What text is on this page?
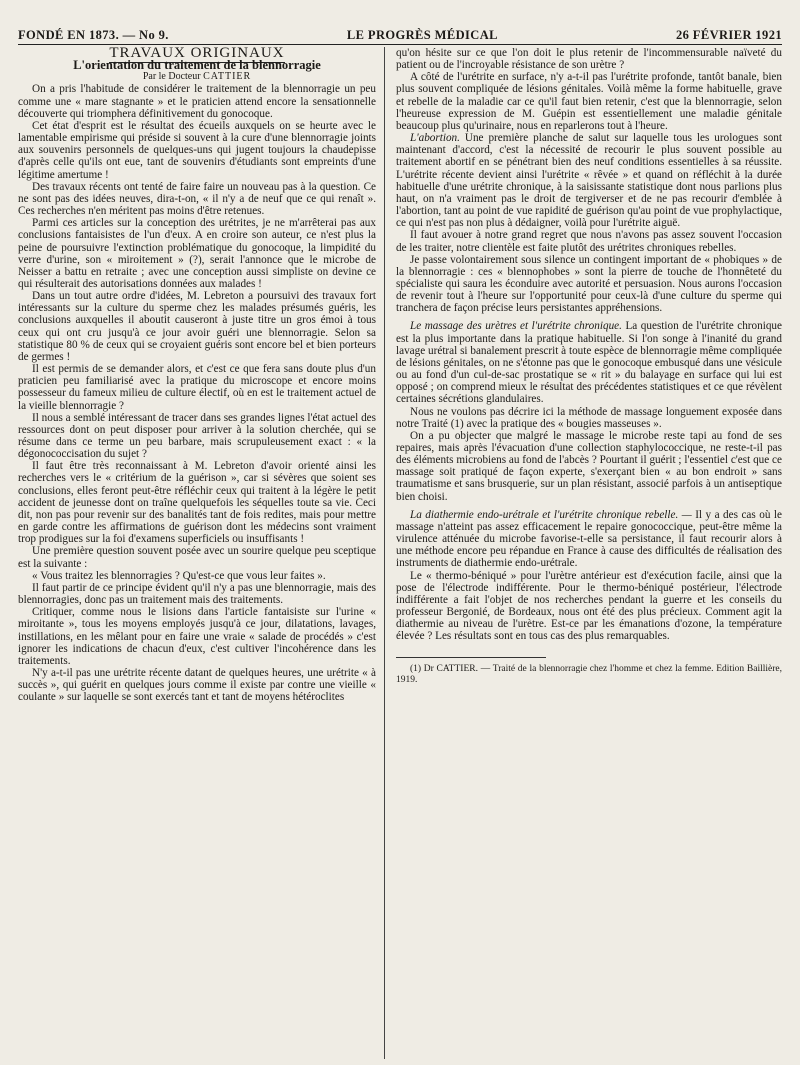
FONDÉ EN 1873. — No 9.	LE PROGRÈS MÉDICAL	26 FÉVRIER 1921

TRAVAUX ORIGINAUX

L'orientation du traitement de la blennorragie

Par le Docteur CATTIER

On a pris l'habitude de considérer le traitement de la blennorragie un peu comme une « mare stagnante » et le praticien attend encore la sensationnelle découverte qui triomphera définitivement du gonocoque.

Cet état d'esprit est le résultat des écueils auxquels on se heurte avec le lamentable empirisme qui préside si souvent à la cure d'une blennorragie joints aux souvenirs personnels de quelques-uns qui jugent toujours la chaudepisse d'après celle qu'ils ont eue, tant de souvenirs d'étudiants sont empreints d'une légitime amertume !

Des travaux récents ont tenté de faire faire un nouveau pas à la question. Ce ne sont pas des idées neuves, dira-t-on, « il n'y a de neuf que ce qui renaît ». Ces recherches n'en méritent pas moins d'être retenues.

Parmi ces articles sur la conception des urétrites, je ne m'arrêterai pas aux conclusions fantaisistes de l'un d'eux. A en croire son auteur, ce n'est plus la peine de poursuivre l'extinction problématique du gonocoque, la limpidité du verre d'urine, son « miroitement » (?), serait l'annonce que le microbe de Neisser a battu en retraite ; avec une conception aussi simpliste on devine ce qui résulterait des autorisations données aux malades !

Dans un tout autre ordre d'idées, M. Lebreton a poursuivi des travaux fort intéressants sur la culture du sperme chez les malades présumés guéris, les conclusions auxquelles il aboutit causeront à juste titre un gros émoi à tous ceux qui ont cru jusqu'à ce jour avoir guéri une blennorragie. Selon sa statistique 80 % de ceux qui se croyaient guéris sont encore bel et bien porteurs de germes !

Il est permis de se demander alors, et c'est ce que fera sans doute plus d'un praticien peu familiarisé avec la pratique du microscope et encore moins possesseur du fameux milieu de culture électif, où en est le traitement actuel de la vieille blennorragie ?

Il nous a semblé intéressant de tracer dans ses grandes lignes l'état actuel des ressources dont on peut disposer pour arriver à la solution cherchée, qui se résume dans ce terme un peu barbare, mais scrupuleusement exact : « la dégonococcisation du sujet ?

Il faut être très reconnaissant à M. Lebreton d'avoir orienté ainsi les recherches vers le « critérium de la guérison », car si sévères que soient ses conclusions, elles feront peut-être réfléchir ceux qui traitent à la légère le petit accident de jeunesse dont on traîne quelquefois les séquelles toute sa vie. Ceci dit, non pas pour revenir sur des banalités tant de fois redites, mais pour mettre en garde contre les affirmations de guérison dont les médecins sont vraiment trop prodigues sur la foi d'examens superficiels ou insuffisants !

Une première question souvent posée avec un sourire quelque peu sceptique est la suivante :

« Vous traitez les blennorragies ? Qu'est-ce que vous leur faites ».

Il faut partir de ce principe évident qu'il n'y a pas une blennorragie, mais des blennorragies, donc pas un traitement mais des traitements.

Critiquer, comme nous le lisions dans l'article fantaisiste sur l'urine « miroitante », tous les moyens employés jusqu'à ce jour, dilatations, lavages, instillations, en les mêlant pour en faire une vraie « salade de procédés » c'est ignorer les indications de chacun d'eux, c'est cultiver l'incohérence dans les traitements.

N'y a-t-il pas une urétrite récente datant de quelques heures, une urétrite « à succès », qui guérit en quelques jours comme il existe par contre une vieille « coulante » sur laquelle se sont exercés tant et tant de moyens hétéroclites

qu'on hésite sur ce que l'on doit le plus retenir de l'incommensurable naïveté du patient ou de l'incroyable résistance de son urètre ?

A côté de l'urétrite en surface, n'y a-t-il pas l'urétrite profonde, tantôt banale, bien plus souvent compliquée de lésions génitales. Voilà même la forme habituelle, grave et rebelle de la maladie car ce qu'il faut bien retenir, c'est que la blennorragie, selon l'heureuse expression de M. Guépin est essentiellement une maladie génitale beaucoup plus qu'urinaire, nous en reparlerons tout à l'heure.

L'abortion. Une première planche de salut sur laquelle tous les urologues sont maintenant d'accord, c'est la nécessité de recourir le plus souvent possible au traitement abortif en se pénétrant bien des neuf conditions essentielles à sa réussite. L'urétrite récente devient ainsi l'urétrite « rêvée » et quand on réfléchit à la durée habituelle d'une urétrite chronique, à la saisissante statistique dont nous parlions plus haut, on n'a vraiment pas le droit de tergiverser et de ne pas recourir d'emblée à l'abortion, tant au point de vue rapidité de guérison qu'au point de vue prophylactique, ce qui n'est pas non plus à dédaigner, voilà pour l'urétrite aiguë.

Il faut avouer à notre grand regret que nous n'avons pas assez souvent l'occasion de les traiter, notre clientèle est faite plutôt des urétrites chroniques rebelles.

Je passe volontairement sous silence un contingent important de « phobiques » de la blennorragie : ces « blennophobes » sont la pierre de touche de l'honnêteté du spécialiste qui saura les éconduire avec autorité et persuasion. Nous aurons l'occasion de revenir tout à l'heure sur l'opportunité pour ceux-là d'une culture du sperme qui tranchera de façon précise leurs persistantes appréhensions.

Le massage des urètres et l'urétrite chronique. La question de l'urétrite chronique est la plus importante dans la pratique habituelle. Si l'on songe à l'inanité du grand lavage urétral si banalement prescrit à toute espèce de blennorragie même compliquée de lésions génitales, on ne s'étonne pas que le gonocoque embusqué dans une vésicule ou au fond d'un cul-de-sac prostatique se « rit » du balayage en surface qui lui est opposé ; on comprend mieux le résultat des précédentes statistiques et ce que révèlent certaines sécrétions glandulaires.

Nous ne voulons pas décrire ici la méthode de massage longuement exposée dans notre Traité (1) avec la pratique des « bougies masseuses ».

On a pu objecter que malgré le massage le microbe reste tapi au fond de ses repaires, mais après l'évacuation d'une collection staphylococcique, ne reste-t-il pas des éléments microbiens au fond de l'abcès ? Pourtant il guérit ; l'essentiel c'est que ce massage soit pratiqué de façon experte, s'exerçant bien « au bon endroit » sans traumatisme et sans brusquerie, sur un plan résistant, associé parfois à un antiseptique bien choisi.

La diathermie endo-urétrale et l'urétrite chronique rebelle. — Il y a des cas où le massage n'atteint pas assez efficacement le repaire gonococcique, peut-être même la virulence atténuée du microbe favorise-t-elle sa persistance, il faut recourir alors à une méthode encore peu répandue en France à cause des difficultés de réalisation des instruments de diathermie endo-urétrale.

Le « thermo-béniqué » pour l'urètre antérieur est d'exécution facile, ainsi que la pose de l'électrode indifférente. Pour le thermo-béniqué postérieur, l'électrode indifférente a fait l'objet de nos recherches pendant la guerre et les conseils du professeur Bergonié, de Bordeaux, nous ont été des plus précieux. Comment agit la diathermie au niveau de l'urètre. Est-ce par les émanations d'ozone, la température élevée ? Les résultats sont en tous cas des plus remarquables.

(1) Dr CATTIER. — Traité de la blennorragie chez l'homme et chez la femme. Edition Baillière, 1919.
